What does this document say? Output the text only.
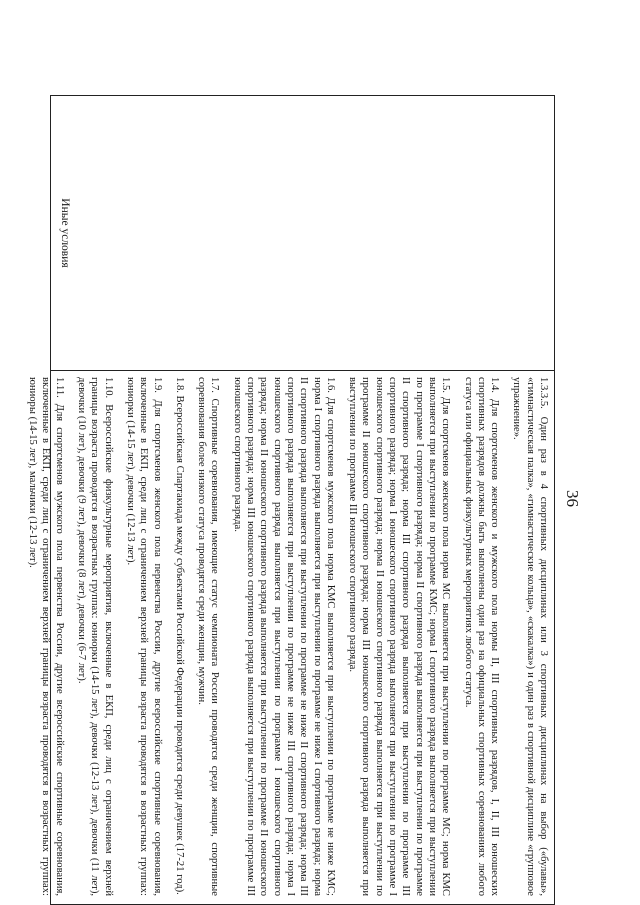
36
Иные условия

1.3.3.5. Один раз в 4 спортивных дисциплинах или 3 спортивных дисциплинах на выбор («булавы», «гимнастическая палка», «гимнастические кольца», «скакалка») и один раз в спортивной дисциплине «групповое упражнение».

1.4. Для спортсменов женского и мужского пола нормы II, III спортивных разрядов, I, II, III юношеских спортивных разрядов должны быть выполнены один раз на официальных спортивных соревнованиях любого статуса или официальных физкультурных мероприятиях любого статуса.

1.5. Для спортсменов женского пола норма МС выполняется при выступлении по программе МС; норма КМС выполняется при выступлении по программе КМС; норма I спортивного разряда выполняется при выступлении по программе I спортивного разряда; норма II спортивного разряда выполняется при выступлении по программе II спортивного разряда; норма III спортивного разряда выполняется при выступлении по программе III спортивного разряда; норма I юношеского спортивного разряда выполняется при выступлении по программе I юношеского спортивного разряда; норма II юношеского спортивного разряда выполняется при выступлении по программе II юношеского спортивного разряда; норма III юношеского спортивного разряда выполняется при выступлении по программе III юношеского спортивного разряда.

1.6. Для спортсменов мужского пола норма КМС выполняется при выступлении по программе не ниже КМС; норма I спортивного разряда выполняется при выступлении по программе не ниже I спортивного разряда; норма II спортивного разряда выполняется при выступлении по программе не ниже II спортивного разряда; норма III спортивного разряда выполняется при выступлении по программе не ниже III спортивного разряда; норма I юношеского спортивного разряда выполняется при выступлении по программе I юношеского спортивного разряда; норма II юношеского спортивного разряда выполняется при выступлении по программе II юношеского спортивного разряда; норма III юношеского спортивного разряда выполняется при выступлении по программе III юношеского спортивного разряда.

1.7. Спортивные соревнования, имеющие статус чемпионата России проводятся среди женщин, спортивные соревнования более низкого статуса проводятся среди женщин, мужчин.

1.8. Всероссийская Спартакиада между субъектами Российской Федерации проводится среди девушек (17-21 год).

1.9. Для спортсменов женского пола первенства России, другие всероссийские спортивные соревнования, включенные в ЕКП, среди лиц с ограничением верхней границы возраста проводятся в возрастных группах: юниорки (14-15 лет), девочки (12-13 лет).

1.10. Всероссийские физкультурные мероприятия, включенные в ЕКП, среди лиц с ограничением верхней границы возраста проводятся в возрастных группах: юниорки (14-15 лет), девочки (12-13 лет), девочки (11 лет), девочки (10 лет), девочки (9 лет), девочки (8 лет), девочки (6-7 лет).

1.11. Для спортсменов мужского пола первенства России, другие всероссийские спортивные соревнования, включенные в ЕКП, среди лиц с ограничением верхней границы возраста проводятся в возрастных группах: юниоры (14-15 лет), мальчики (12-13 лет).
